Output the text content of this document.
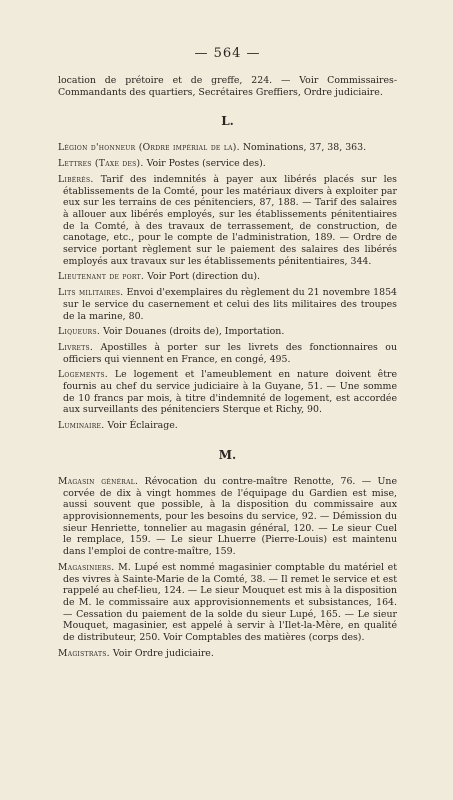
— 564 —

location de prétoire et de greffe, 224. — Voir Commissaires-Commandants des quartiers, Secrétaires Greffiers, Ordre judiciaire.

L.

Légion d'honneur (Ordre impérial de la). Nominations, 37, 38, 363.

Lettres (Taxe des). Voir Postes (service des).

Libérés. Tarif des indemnités à payer aux libérés placés sur les établissements de la Comté, pour les matériaux divers à exploiter par eux sur les terrains de ces pénitenciers, 87, 188. — Tarif des salaires à allouer aux libérés employés, sur les établissements pénitentiaires de la Comté, à des travaux de terrassement, de construction, de canotage, etc., pour le compte de l'administration, 189. — Ordre de service portant règlement sur le paiement des salaires des libérés employés aux travaux sur les établissements pénitentiaires, 344.

Lieutenant de port. Voir Port (direction du).

Lits militaires. Envoi d'exemplaires du règlement du 21 novembre 1854 sur le service du casernement et celui des lits militaires des troupes de la marine, 80.

Liqueurs. Voir Douanes (droits de), Importation.

Livrets. Apostilles à porter sur les livrets des fonctionnaires ou officiers qui viennent en France, en congé, 495.

Logements. Le logement et l'ameublement en nature doivent être fournis au chef du service judiciaire à la Guyane, 51. — Une somme de 10 francs par mois, à titre d'indemnité de logement, est accordée aux surveillants des pénitenciers Sterque et Richy, 90.

Luminaire. Voir Éclairage.

M.

Magasin général. Révocation du contre-maître Renotte, 76. — Une corvée de dix à vingt hommes de l'équipage du Gardien est mise, aussi souvent que possible, à la disposition du commissaire aux approvisionnements, pour les besoins du service, 92. — Démission du sieur Henriette, tonnelier au magasin général, 120. — Le sieur Cuel le remplace, 159. — Le sieur Lhuerre (Pierre-Louis) est maintenu dans l'emploi de contre-maître, 159.

Magasiniers. M. Lupé est nommé magasinier comptable du matériel et des vivres à Sainte-Marie de la Comté, 38. — Il remet le service et est rappelé au chef-lieu, 124. — Le sieur Mouquet est mis à la disposition de M. le commissaire aux approvisionnements et subsistances, 164. — Cessation du paiement de la solde du sieur Lupé, 165. — Le sieur Mouquet, magasinier, est appelé à servir à l'Ilet-la-Mère, en qualité de distributeur, 250. Voir Comptables des matières (corps des).

Magistrats. Voir Ordre judiciaire.
